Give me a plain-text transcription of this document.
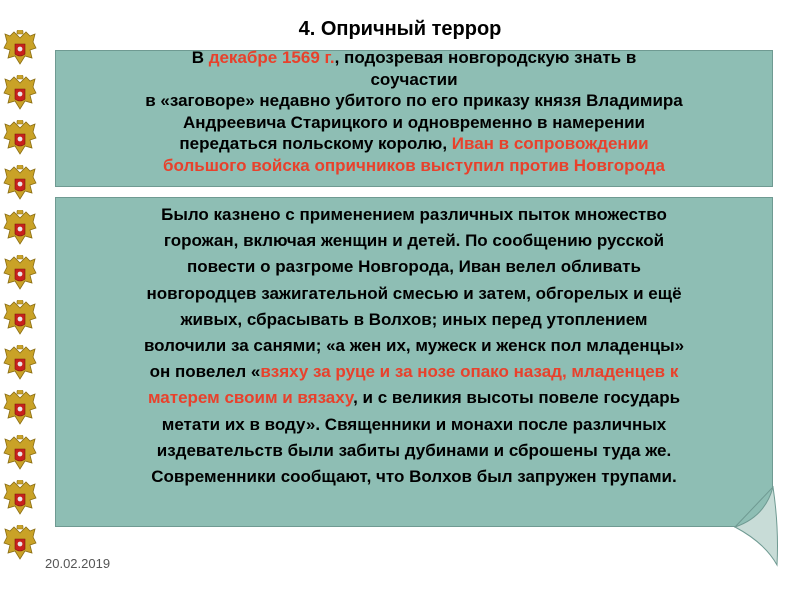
4. Опричный террор
В декабре 1569 г., подозревая новгородскую знать в
соучастии
в «заговоре» недавно убитого по его приказу князя Владимира
Андреевича Старицкого и одновременно в намерении
передаться польскому королю, Иван в сопровождении
большого войска опричников выступил против Новгорода
Было казнено с применением различных пыток множество
горожан, включая женщин и детей. По сообщению русской
повести о разгроме Новгорода, Иван велел обливать
новгородцев зажигательной смесью и затем, обгорелых и ещё
живых, сбрасывать в Волхов; иных перед утоплением
волочили за санями; «а жен их, мужеск и женск пол младенцы»
он повелел «взяху за руце и за нозе опако назад, младенцев к
матерем своим и вязаху, и с великия высоты повеле государь
метати их в воду». Священники и монахи после различных
издевательств были забиты дубинами и сброшены туда же.
Современники сообщают, что Волхов был запружен трупами.
20.02.2019
